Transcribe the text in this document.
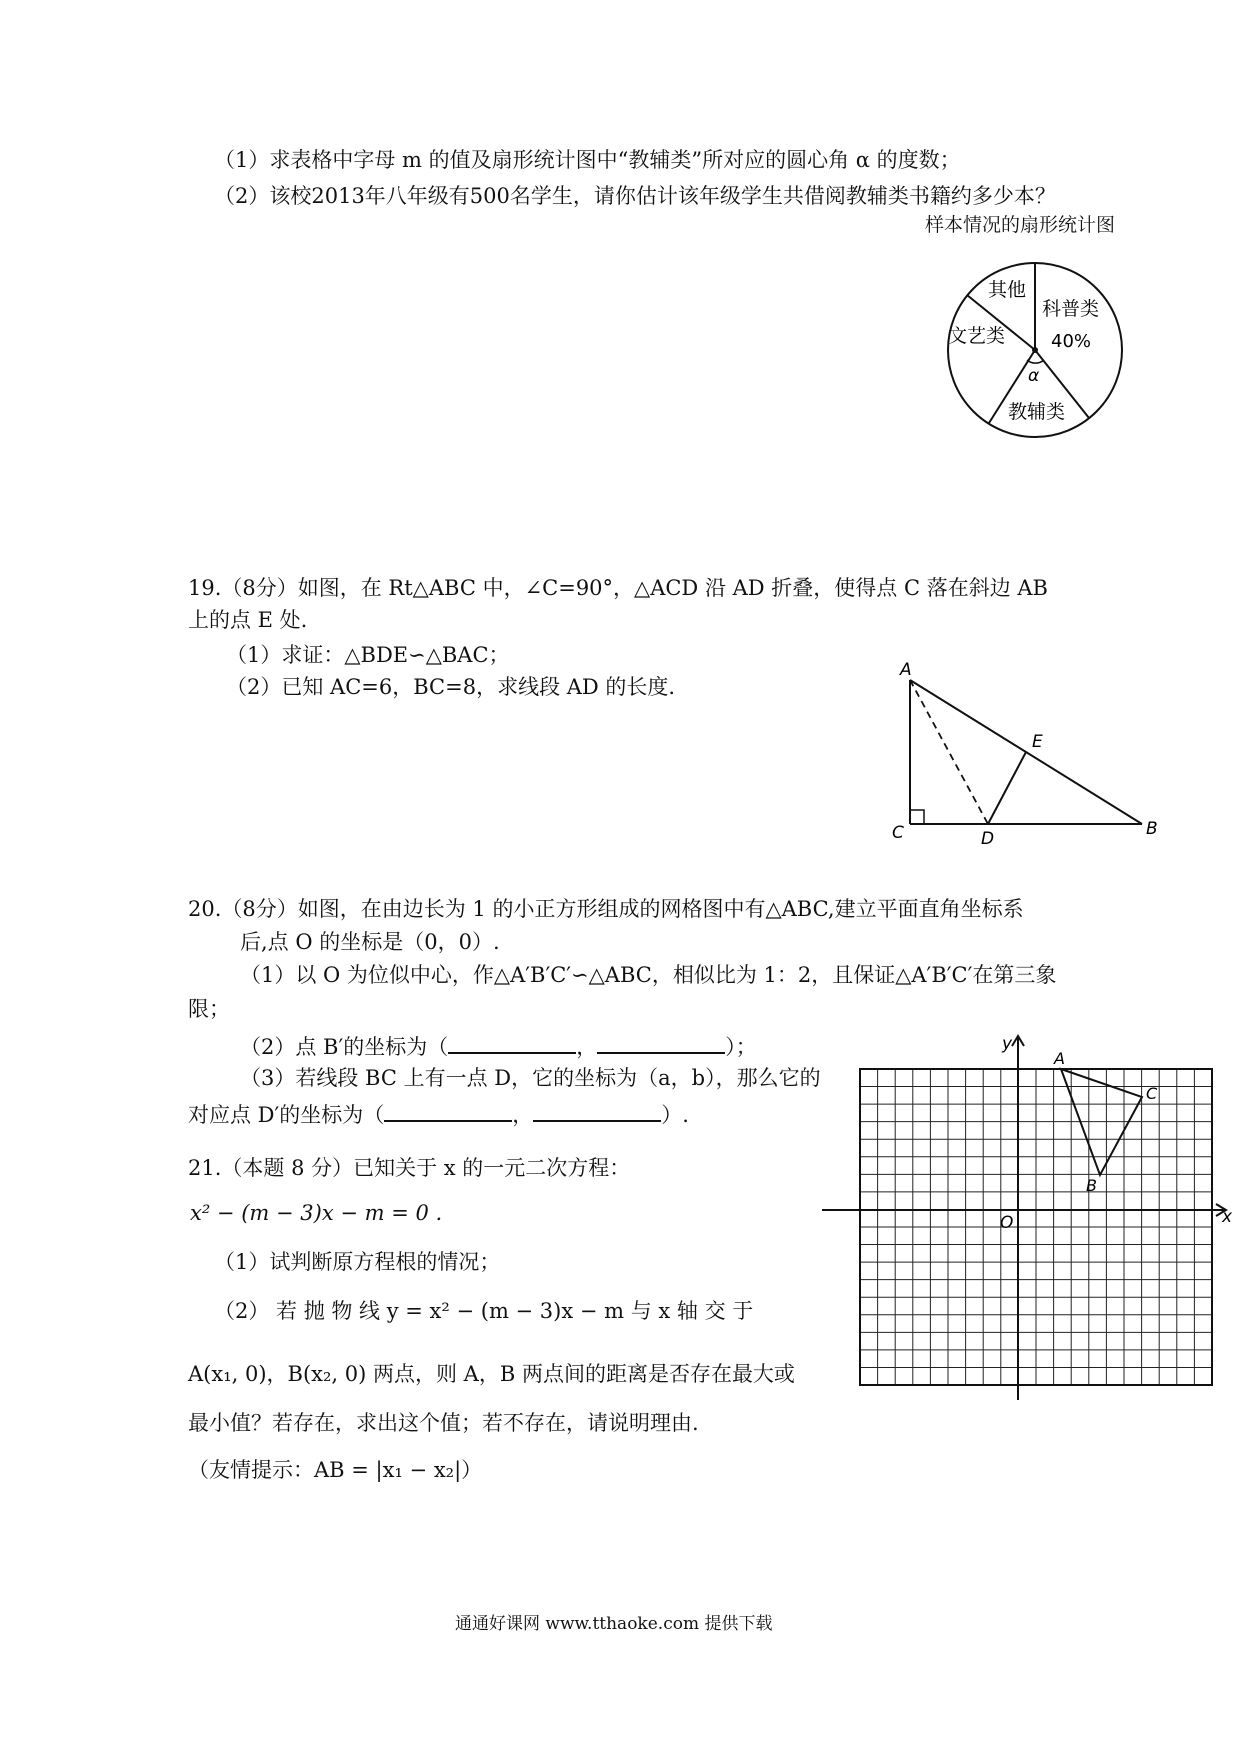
（1）求表格中字母 m 的值及扇形统计图中“教辅类”所对应的圆心角 α 的度数；
（2）该校2013年八年级有500名学生，请你估计该年级学生共借阅教辅类书籍约多少本？
样本情况的扇形统计图
科普类
40%
教辅类
文艺类
其他
α
19.（8分）如图，在 Rt△ABC 中，∠C=90°，△ACD 沿 AD 折叠，使得点 C 落在斜边 AB
上的点 E 处.
（1）求证：△BDE∽△BAC；
（2）已知 AC=6，BC=8，求线段 AD 的长度.
A
C	D
E
B
20.（8分）如图，在由边长为 1 的小正方形组成的网格图中有△ABC,建立平面直角坐标系
后,点 O 的坐标是（0，0）.
（1）以 O 为位似中心，作△A′B′C′∽△ABC，相似比为 1：2，且保证△A′B′C′在第三象
限；
（2）点 B′的坐标为（	，	）；
（3）若线段 BC 上有一点 D，它的坐标为（a，b），那么它的
对应点 D′的坐标为（	，	）.
y
x
O
A
C
B
21.（本题 8 分）已知关于 x 的一元二次方程：
x² − (m − 3)x − m = 0 .
（1）试判断原方程根的情况；
（2） 若 抛 物 线 y = x² − (m − 3)x − m 与 x 轴 交 于
A(x₁, 0)，B(x₂, 0) 两点，则 A，B 两点间的距离是否存在最大或
最小值？若存在，求出这个值；若不存在，请说明理由.
（友情提示：AB = |x₁ − x₂|）
通通好课网 www.tthaoke.com 提供下载
